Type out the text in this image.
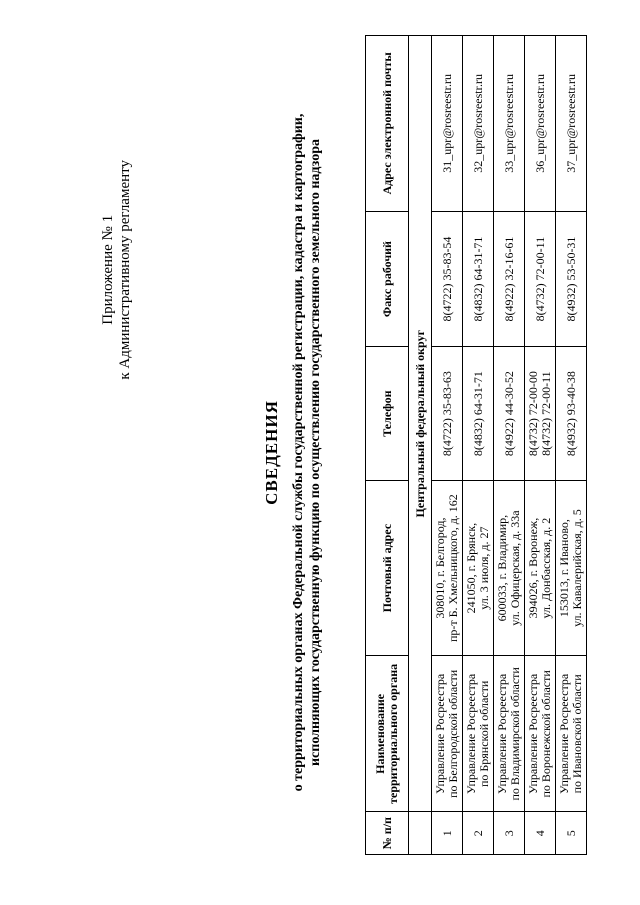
Приложение № 1 к Административному регламенту
СВЕДЕНИЯ о территориальных органах Федеральной службы государственной регистрации, кадастра и картографии, исполняющих государственную функцию по осуществлению государственного земельного надзора
№ п/п	Наименование территориального органа	Почтовый адрес	Телефон	Факс рабочий	Адрес электронной почты
	Центральный федеральный округ				
1	Управление Росреестра по Белгородской области	308010, г. Белгород, пр-т Б. Хмельницкого, д. 162	8(4722) 35-83-63	8(4722) 35-83-54	31_upr@rosreestr.ru
2	Управление Росреестра по Брянской области	241050, г. Брянск, ул. 3 июля, д. 27	8(4832) 64-31-71	8(4832) 64-31-71	32_upr@rosreestr.ru
3	Управление Росреестра по Владимирской области	600033, г. Владимир, ул. Офицерская, д. 33а	8(4922) 44-30-52	8(4922) 32-16-61	33_upr@rosreestr.ru
4	Управление Росреестра по Воронежской области	394026, г. Воронеж, ул. Донбасская, д. 2	8(4732) 72-00-00 8(4732) 72-00-11	8(4732) 72-00-11	36_upr@rosreestr.ru
5	Управление Росреестра по Ивановской области	153013, г. Иваново, ул. Кавалерийская, д. 5	8(4932) 93-40-38	8(4932) 53-50-31	37_upr@rosreestr.ru
